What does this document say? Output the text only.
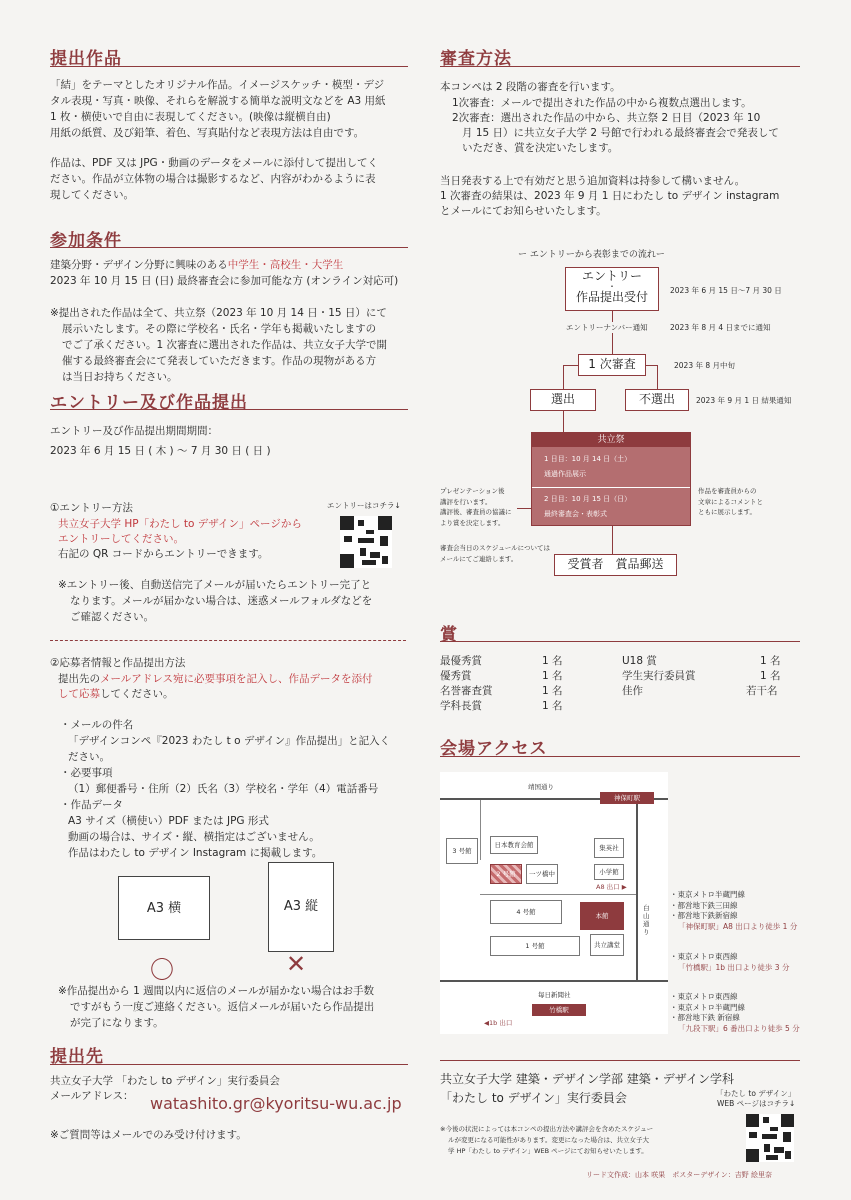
提出作品
「結」をテーマとしたオリジナル作品。イメージスケッチ・模型・デジ
タル表現・写真・映像、それらを解説する簡単な説明文などを A3 用紙
1 枚・横使いで自由に表現してください。(映像は縦横自由)
用紙の紙質、及び鉛筆、着色、写真貼付など表現方法は自由です。
作品は、PDF 又は JPG・動画のデータをメールに添付して提出してく
ださい。作品が立体物の場合は撮影するなど、内容がわかるように表
現してください。
参加条件
建築分野・デザイン分野に興味のある中学生・高校生・大学生
2023 年 10 月 15 日 (日) 最終審査会に参加可能な方 (オンライン対応可)
※提出された作品は全て、共立祭（2023 年 10 月 14 日・15 日）にて
展示いたします。その際に学校名・氏名・学年も掲載いたしますの
でご了承ください。1 次審査に選出された作品は、共立女子大学で開
催する最終審査会にて発表していただきます。作品の現物がある方
は当日お持ちください。
エントリー及び作品提出
エントリー及び作品提出期間期間：
2023 年 6 月 15 日 ( 木 ) ～ 7 月 30 日 ( 日 )
①エントリー方法	エントリーはコチラ↓
共立女子大学 HP「わたし to デザイン」ページから
エントリーしてください。
右記の QR コードからエントリーできます。
※エントリー後、自動送信完了メールが届いたらエントリー完了と
なります。メールが届かない場合は、迷惑メールフォルダなどを
ご確認ください。
②応募者情報と作品提出方法
提出先のメールアドレス宛に必要事項を記入し、作品データを添付
して応募してください。
・メールの件名
「デザインコンペ『2023 わたし t o デザイン』作品提出」と記入く
ださい。
・必要事項
（1）郵便番号・住所（2）氏名（3）学校名・学年（4）電話番号
・作品データ
A3 サイズ（横使い）PDF または JPG 形式
動画の場合は、サイズ・縦、横指定はございません。
作品はわたし to デザイン Instagram に掲載します。
A3 横	A3 縦
〇	✕
※作品提出から 1 週間以内に返信のメールが届かない場合はお手数
ですがもう一度ご連絡ください。返信メールが届いたら作品提出
が完了になります。
提出先
共立女子大学 「わたし to デザイン」実行委員会
メールアドレス： watashito.gr@kyoritsu-wu.ac.jp
※ご質問等はメールでのみ受け付けます。
審査方法
本コンペは 2 段階の審査を行います。
1次審査：メールで提出された作品の中から複数点選出します。
2次審査：選出された作品の中から、共立祭 2 日目（2023 年 10
月 15 日）に共立女子大学 2 号館で行われる最終審査会で発表して
いただき、賞を決定いたします。
当日発表する上で有効だと思う追加資料は持参して構いません。
1 次審査の結果は、2023 年 9 月 1 日にわたし to デザイン instagram
とメールにてお知らせいたします。
ー エントリーから表彰までの流れー
エントリー
・
作品提出受付	2023 年 6 月 15 日～7 月 30 日
エントリーナンバー通知	2023 年 8 月 4 日までに通知
1 次審査	2023 年 8 月中旬
選出	不選出	2023 年 9 月 1 日 結果通知
共立祭
1 日目：10 月 14 日（土）
通過作品展示
2 日目：10 月 15 日（日）
最終審査会・表彰式
プレゼンテーション後
講評を行います。
講評後、審査員の協議に
より賞を決定します。
作品を審査員からの
文章によるコメントと
ともに展示します。
審査会当日のスケジュールについては
メールにてご連絡します。	受賞者　賞品郵送
賞
最優秀賞	1 名
優秀賞	1 名
名誉審査賞	1 名
学科長賞	1 名
U18 賞	1 名
学生実行委員賞	1 名
佳作	若干名
会場アクセス
靖国通り
神保町駅
竹橋駅
毎日新聞社
◀1b 出口
A8 出口 ▶
白山通り
3 号館
日本教育会館
2 号館	一ツ橋中
集英社
小学館
4 号館	本館
1 号館	共立講堂
・東京メトロ半蔵門線
・都営地下鉄三田線
・都営地下鉄新宿線
「神保町駅」A8 出口より徒歩 1 分
・東京メトロ東西線
「竹橋駅」1b 出口より徒歩 3 分
・東京メトロ東西線
・東京メトロ半蔵門線
・都営地下鉄 新宿線
「九段下駅」6 番出口より徒歩 5 分
共立女子大学 建築・デザイン学部 建築・デザイン学科
「わたし to デザイン」実行委員会	「わたし to デザイン」
WEB ページはコチラ↓
※今後の状況によっては本コンペの提出方法や講評会を含めたスケジュー
ルが変更になる可能性があります。変更になった場合は、共立女子大
学 HP「わたし to デザイン」WEB ページにてお知らせいたします。
リード文作成：山本 咲果　ポスターデザイン：吉野 絵里奈
